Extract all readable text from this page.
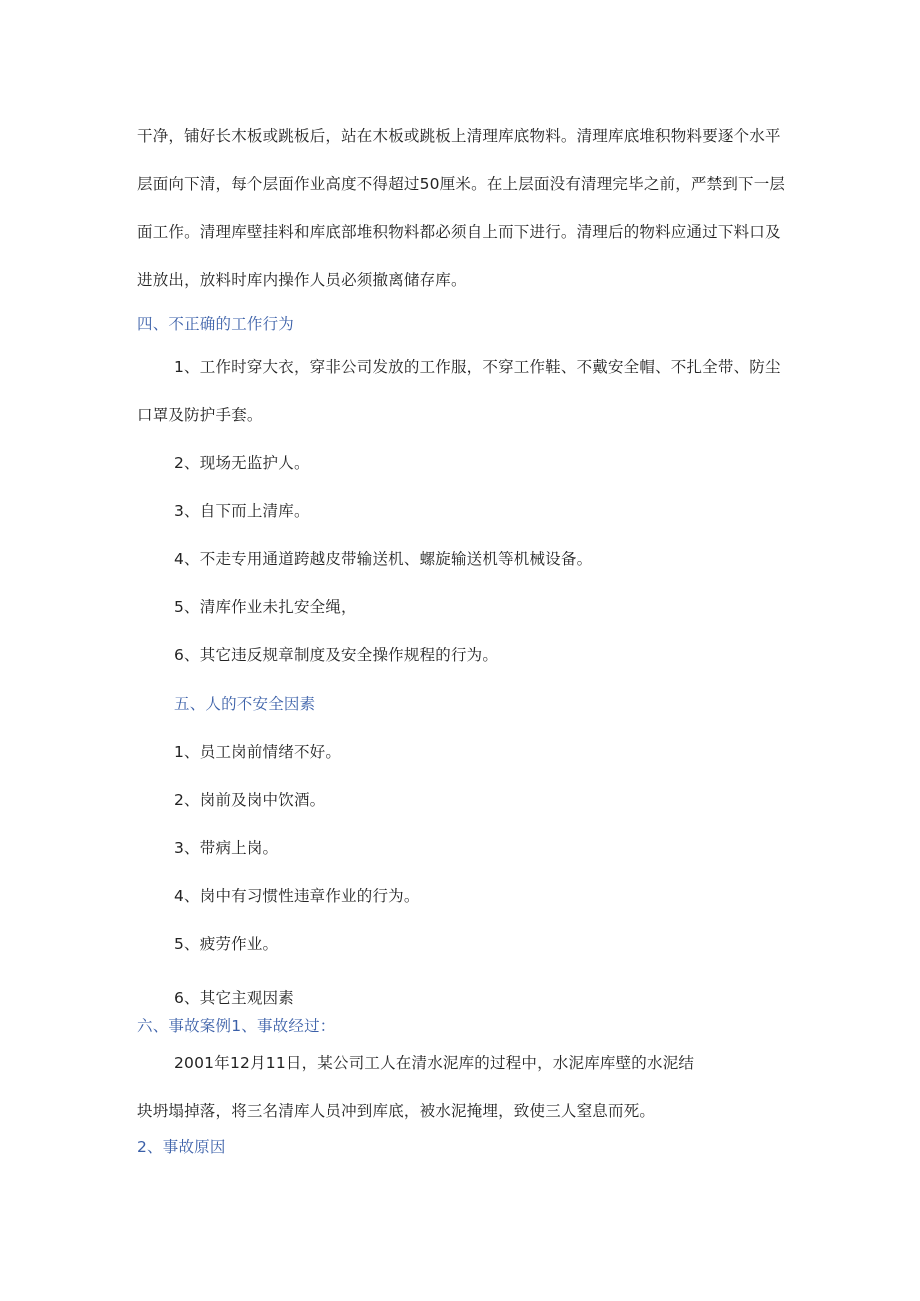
干净，铺好长木板或跳板后，站在木板或跳板上清理库底物料。清理库底堆积物料要逐个水平

层面向下清，每个层面作业高度不得超过50厘米。在上层面没有清理完毕之前，严禁到下一层

面工作。清理库壁挂料和库底部堆积物料都必须自上而下进行。清理后的物料应通过下料口及

进放出，放料时库内操作人员必须撤离储存库。

四、不正确的工作行为

1、工作时穿大衣，穿非公司发放的工作服，不穿工作鞋、不戴安全帽、不扎全带、防尘

口罩及防护手套。

2、现场无监护人。

3、自下而上清库。

4、不走专用通道跨越皮带输送机、螺旋输送机等机械设备。

5、清库作业未扎安全绳，

6、其它违反规章制度及安全操作规程的行为。

五、人的不安全因素

1、员工岗前情绪不好。

2、岗前及岗中饮酒。

3、带病上岗。

4、岗中有习惯性违章作业的行为。

5、疲劳作业。

6、其它主观因素

六、事故案例1、事故经过：

2001年12月11日，某公司工人在清水泥库的过程中，水泥库库壁的水泥结

块坍塌掉落，将三名清库人员冲到库底，被水泥掩埋，致使三人窒息而死。

2、事故原因
